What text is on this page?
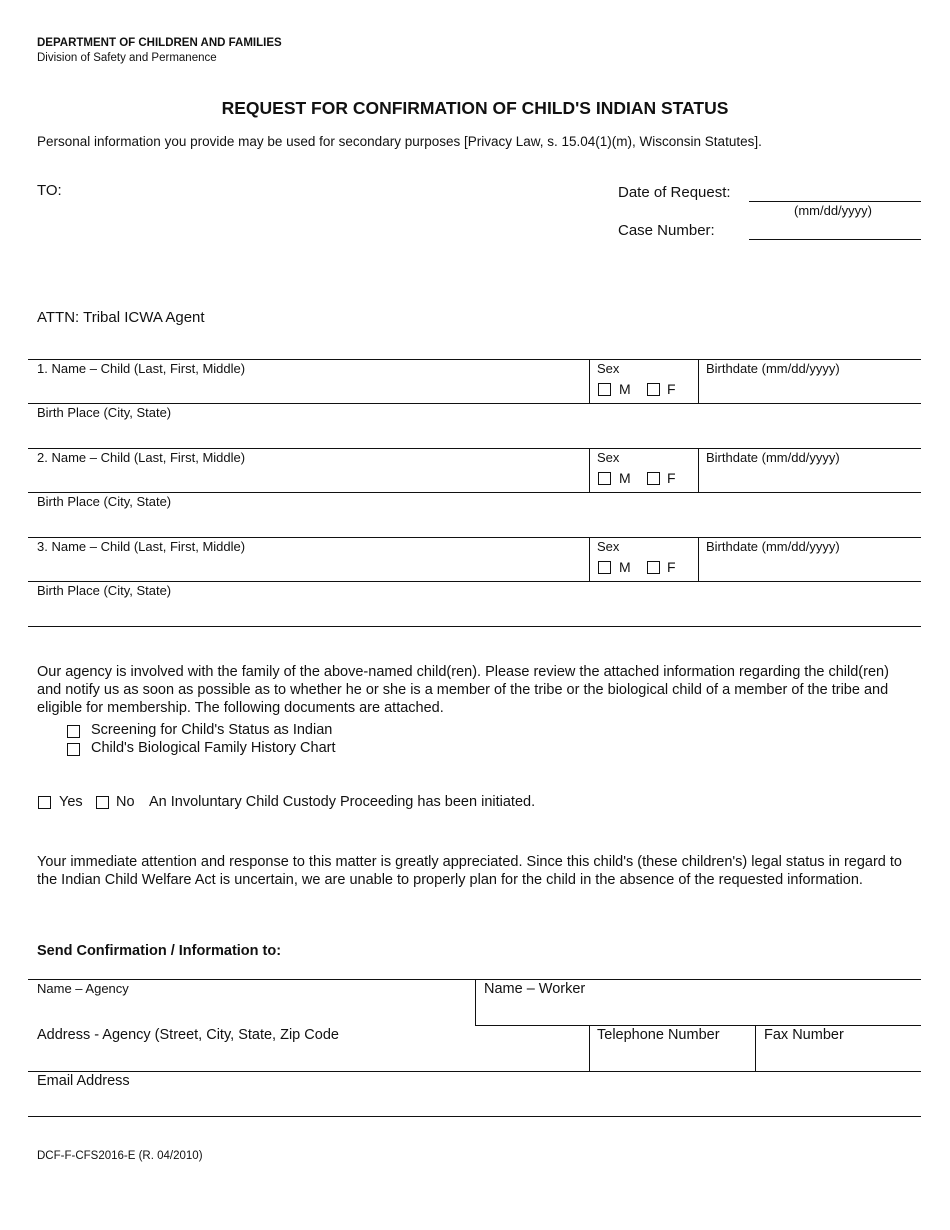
DEPARTMENT OF CHILDREN AND FAMILIES
Division of Safety and Permanence
REQUEST FOR CONFIRMATION OF CHILD'S INDIAN STATUS
Personal information you provide may be used for secondary purposes [Privacy Law, s. 15.04(1)(m), Wisconsin Statutes].
TO:	Date of Request:
(mm/dd/yyyy)
Case Number:
ATTN: Tribal ICWA Agent
1. Name – Child (Last, First, Middle)	Sex
M	F
Birthdate (mm/dd/yyyy)
Birth Place (City, State)
2. Name – Child (Last, First, Middle)	Sex
M	F
Birthdate (mm/dd/yyyy)
Birth Place (City, State)
3. Name – Child (Last, First, Middle)	Sex
M	F
Birthdate (mm/dd/yyyy)
Birth Place (City, State)
Our agency is involved with the family of the above-named child(ren). Please review the attached information regarding the child(ren) and notify us as soon as possible as to whether he or she is a member of the tribe or the biological child of a member of the tribe and eligible for membership. The following documents are attached.
Screening for Child's Status as Indian
Child's Biological Family History Chart
Yes No An Involuntary Child Custody Proceeding has been initiated.
Your immediate attention and response to this matter is greatly appreciated. Since this child's (these children's) legal status in regard to the Indian Child Welfare Act is uncertain, we are unable to properly plan for the child in the absence of the requested information.
Send Confirmation / Information to:
Name – Agency	Name – Worker
Address - Agency (Street, City, State, Zip Code	Telephone Number	Fax Number
Email Address
DCF-F-CFS2016-E (R. 04/2010)
